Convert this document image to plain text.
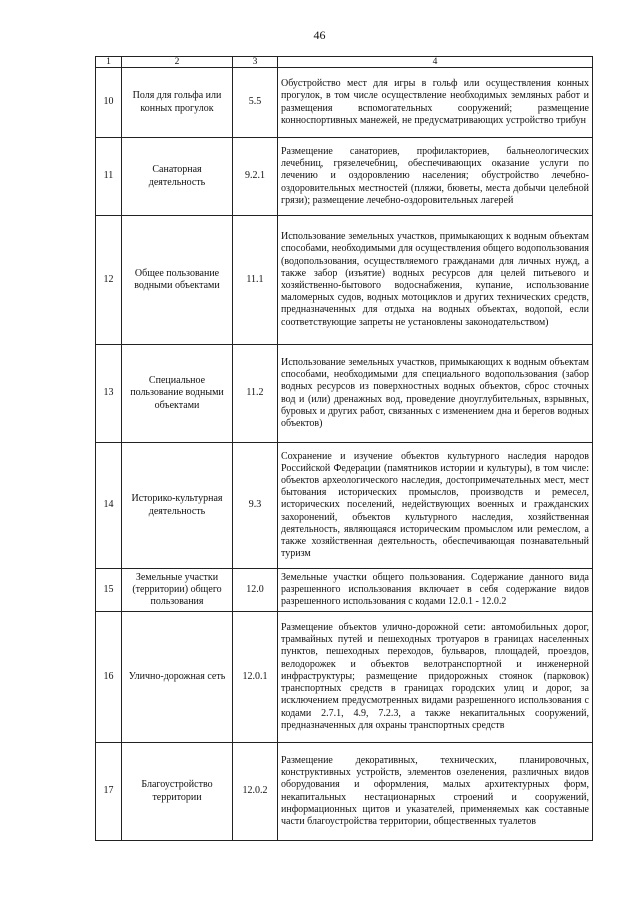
46
1	2	3	4
10	Поля для гольфа или конных прогулок	5.5	Обустройство мест для игры в гольф или осуществления конных прогулок, в том числе осуществление необходимых земляных работ и размещения вспомогательных сооружений; размещение конноспортивных манежей, не предусматривающих устройство трибун
11	Санаторная деятельность	9.2.1	Размещение санаториев, профилакториев, бальнеологических лечебниц, грязелечебниц, обеспечивающих оказание услуги по лечению и оздоровлению населения; обустройство лечебно-оздоровительных местностей (пляжи, бюветы, места добычи целебной грязи); размещение лечебно-оздоровительных лагерей
12	Общее пользование водными объектами	11.1	Использование земельных участков, примыкающих к водным объектам способами, необходимыми для осуществления общего водопользования (водопользования, осуществляемого гражданами для личных нужд, а также забор (изъятие) водных ресурсов для целей питьевого и хозяйственно-бытового водоснабжения, купание, использование маломерных судов, водных мотоциклов и других технических средств, предназначенных для отдыха на водных объектах, водопой, если соответствующие запреты не установлены законодательством)
13	Специальное пользование водными объектами	11.2	Использование земельных участков, примыкающих к водным объектам способами, необходимыми для специального водопользования (забор водных ресурсов из поверхностных водных объектов, сброс сточных вод и (или) дренажных вод, проведение дноуглубительных, взрывных, буровых и других работ, связанных с изменением дна и берегов водных объектов)
14	Историко-культурная деятельность	9.3	Сохранение и изучение объектов культурного наследия народов Российской Федерации (памятников истории и культуры), в том числе: объектов археологического наследия, достопримечательных мест, мест бытования исторических промыслов, производств и ремесел, исторических поселений, недействующих военных и гражданских захоронений, объектов культурного наследия, хозяйственная деятельность, являющаяся историческим промыслом или ремеслом, а также хозяйственная деятельность, обеспечивающая познавательный туризм
15	Земельные участки (территории) общего пользования	12.0	Земельные участки общего пользования. Содержание данного вида разрешенного использования включает в себя содержание видов разрешенного использования с кодами 12.0.1 - 12.0.2
16	Улично-дорожная сеть	12.0.1	Размещение объектов улично-дорожной сети: автомобильных дорог, трамвайных путей и пешеходных тротуаров в границах населенных пунктов, пешеходных переходов, бульваров, площадей, проездов, велодорожек и объектов велотранспортной и инженерной инфраструктуры; размещение придорожных стоянок (парковок) транспортных средств в границах городских улиц и дорог, за исключением предусмотренных видами разрешенного использования с кодами 2.7.1, 4.9, 7.2.3, а также некапитальных сооружений, предназначенных для охраны транспортных средств
17	Благоустройство территории	12.0.2	Размещение декоративных, технических, планировочных, конструктивных устройств, элементов озеленения, различных видов оборудования и оформления, малых архитектурных форм, некапитальных нестационарных строений и сооружений, информационных щитов и указателей, применяемых как составные части благоустройства территории, общественных туалетов
